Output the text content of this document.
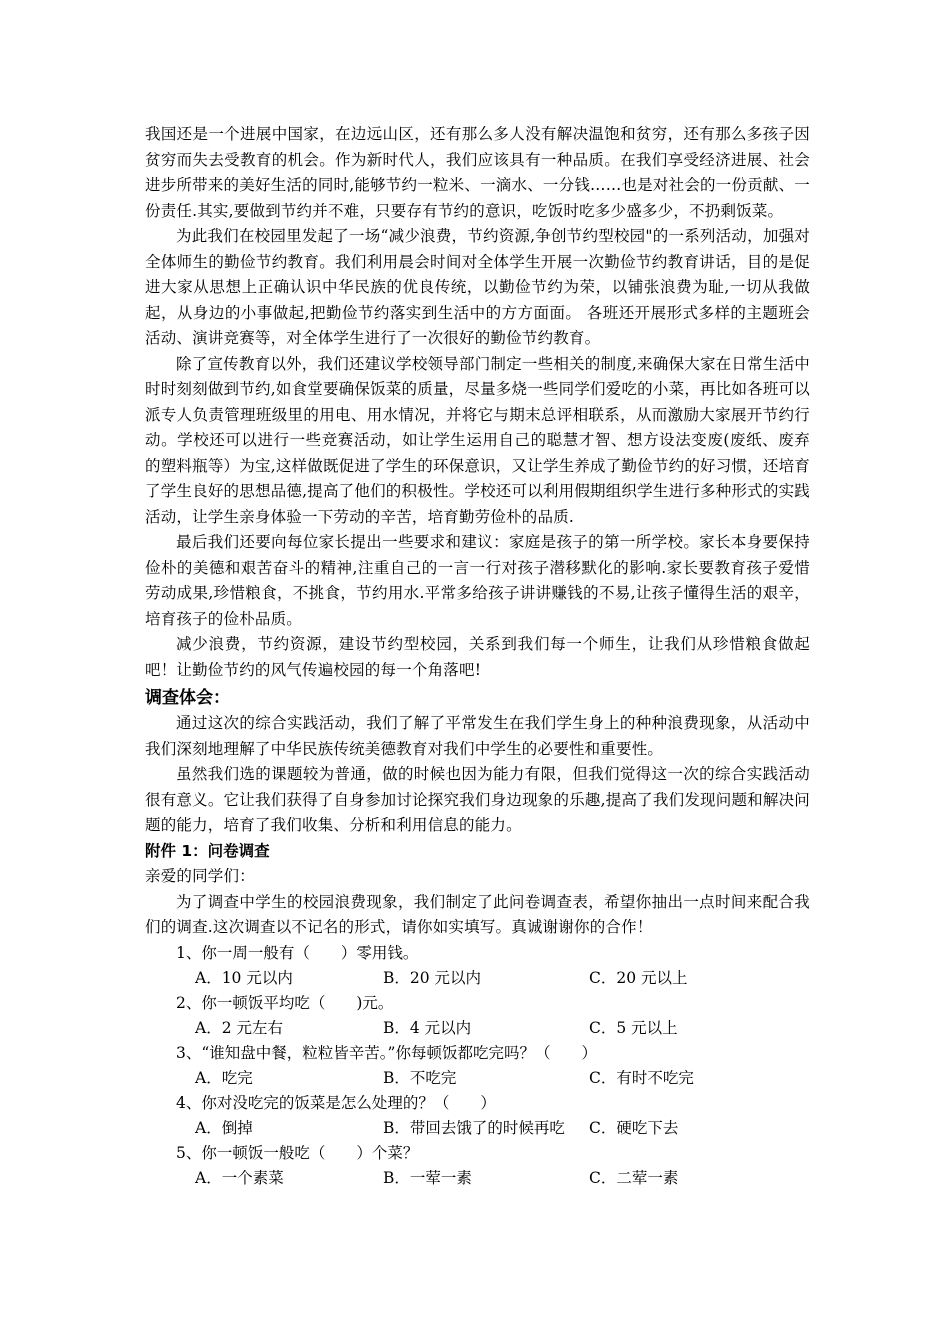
我国还是一个进展中国家，在边远山区，还有那么多人没有解决温饱和贫穷，还有那么多孩子因贫穷而失去受教育的机会。作为新时代人，我们应该具有一种品质。在我们享受经济进展、社会进步所带来的美好生活的同时,能够节约一粒米、一滴水、一分钱……也是对社会的一份贡献、一份责任.其实,要做到节约并不难，只要存有节约的意识，吃饭时吃多少盛多少，不扔剩饭菜。

为此我们在校园里发起了一场“减少浪费，节约资源,争创节约型校园"的一系列活动，加强对全体师生的勤俭节约教育。我们利用晨会时间对全体学生开展一次勤俭节约教育讲话，目的是促进大家从思想上正确认识中华民族的优良传统，以勤俭节约为荣，以铺张浪费为耻,一切从我做起，从身边的小事做起,把勤俭节约落实到生活中的方方面面。 各班还开展形式多样的主题班会活动、演讲竞赛等，对全体学生进行了一次很好的勤俭节约教育。

除了宣传教育以外，我们还建议学校领导部门制定一些相关的制度,来确保大家在日常生活中时时刻刻做到节约,如食堂要确保饭菜的质量，尽量多烧一些同学们爱吃的小菜，再比如各班可以派专人负责管理班级里的用电、用水情况，并将它与期末总评相联系，从而激励大家展开节约行动。学校还可以进行一些竞赛活动，如让学生运用自己的聪慧才智、想方设法变废(废纸、废弃的塑料瓶等）为宝,这样做既促进了学生的环保意识，又让学生养成了勤俭节约的好习惯，还培育了学生良好的思想品德,提高了他们的积极性。学校还可以利用假期组织学生进行多种形式的实践活动，让学生亲身体验一下劳动的辛苦，培育勤劳俭朴的品质.

最后我们还要向每位家长提出一些要求和建议：家庭是孩子的第一所学校。家长本身要保持俭朴的美德和艰苦奋斗的精神,注重自己的一言一行对孩子潜移默化的影响.家长要教育孩子爱惜劳动成果,珍惜粮食，不挑食，节约用水.平常多给孩子讲讲赚钱的不易,让孩子懂得生活的艰辛，培育孩子的俭朴品质。

减少浪费，节约资源，建设节约型校园，关系到我们每一个师生，让我们从珍惜粮食做起吧！让勤俭节约的风气传遍校园的每一个角落吧!

调查体会：

通过这次的综合实践活动，我们了解了平常发生在我们学生身上的种种浪费现象，从活动中我们深刻地理解了中华民族传统美德教育对我们中学生的必要性和重要性。

虽然我们选的课题较为普通，做的时候也因为能力有限，但我们觉得这一次的综合实践活动很有意义。它让我们获得了自身参加讨论探究我们身边现象的乐趣,提高了我们发现问题和解决问题的能力，培育了我们收集、分析和利用信息的能力。

附件 1：问卷调查

亲爱的同学们：

为了调查中学生的校园浪费现象，我们制定了此问卷调查表，希望你抽出一点时间来配合我们的调查.这次调查以不记名的形式，请你如实填写。真诚谢谢你的合作！

1、你一周一般有（　　）零用钱。

A．10 元以内	B．20 元以内	C．20 元以上

2、你一顿饭平均吃（　　)元。

A．2 元左右	B．4 元以内	C．5 元以上

3、“谁知盘中餐，粒粒皆辛苦。”你每顿饭都吃完吗？（　　）

A．吃完	B．不吃完	C．有时不吃完

4、你对没吃完的饭菜是怎么处理的？（　　）

A．倒掉	B．带回去饿了的时候再吃	C．硬吃下去

5、你一顿饭一般吃（　　）个菜？

A．一个素菜	B．一荤一素	C．二荤一素
